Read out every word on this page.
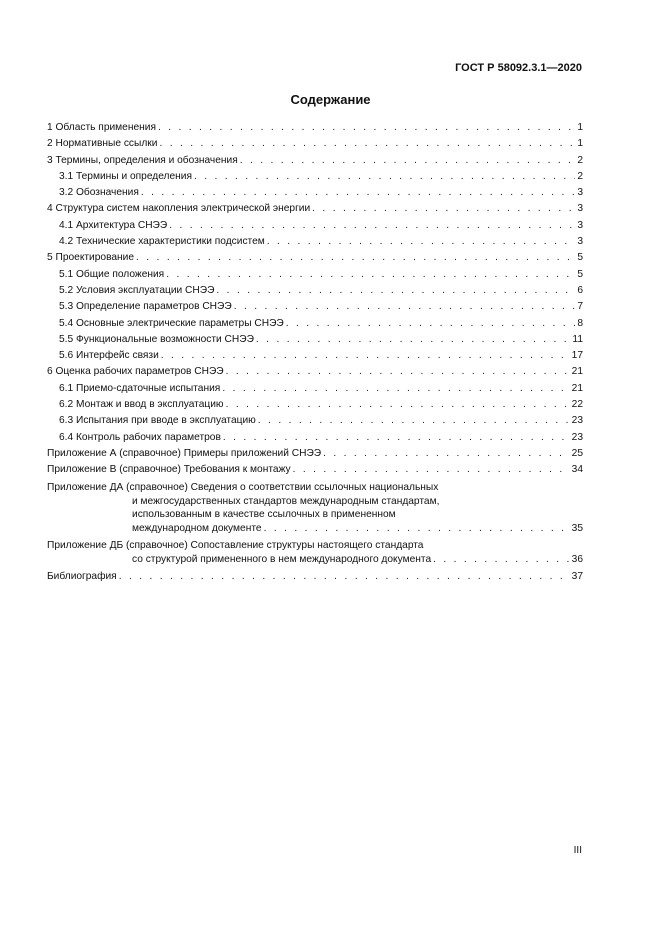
ГОСТ Р 58092.3.1—2020
Содержание
1 Область применения . . .	1
2 Нормативные ссылки . . .	1
3 Термины, определения и обозначения . . .	2
3.1 Термины и определения . . .	2
3.2 Обозначения . . .	3
4 Структура систем накопления электрической энергии . . .	3
4.1 Архитектура СНЭЭ . . .	3
4.2 Технические характеристики подсистем . . .	3
5 Проектирование . . .	5
5.1 Общие положения . . .	5
5.2 Условия эксплуатации СНЭЭ . . .	6
5.3 Определение параметров СНЭЭ . . .	7
5.4 Основные электрические параметры СНЭЭ . . .	8
5.5 Функциональные возможности СНЭЭ . . .	11
5.6 Интерфейс связи . . .	17
6 Оценка рабочих параметров СНЭЭ . . .	21
6.1 Приемо-сдаточные испытания . . .	21
6.2 Монтаж и ввод в эксплуатацию . . .	22
6.3 Испытания при вводе в эксплуатацию . . .	23
6.4 Контроль рабочих параметров . . .	23
Приложение А (справочное) Примеры приложений СНЭЭ . . .	25
Приложение В (справочное) Требования к монтажу . . .	34
Приложение ДА (справочное) Сведения о соответствии ссылочных национальных
и межгосударственных стандартов международным стандартам,
использованным в качестве ссылочных в примененном
международном документе . . .	35
Приложение ДБ (справочное) Сопоставление структуры настоящего стандарта
со структурой примененного в нем международного документа . . .	36
Библиография . . .	37
III
